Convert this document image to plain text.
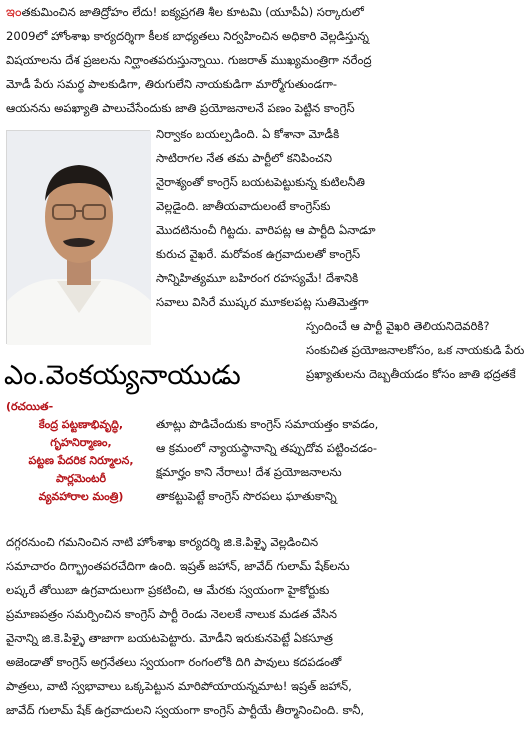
ఇంతకుమించిన జాతిద్రోహం లేదు! ఐక్యప్రగతి శీల కూటమి (యూపీఏ) సర్కారులో
2009లో హోంశాఖ కార్యదర్శిగా కీలక బాధ్యతలు నిర్వహించిన అధికారి వెల్లడిస్తున్న
విషయాలను దేశ ప్రజలను నిర్ఘాంతపరుస్తున్నాయి. గుజరాత్ ముఖ్యమంత్రిగా నరేంద్ర
మోడీ పేరు సమర్థ పాలకుడిగా, తిరుగులేని నాయకుడిగా మార్మోగుతుండగా-
ఆయనను అపఖ్యాతి పాలుచేసేందుకు జాతి ప్రయోజనాలనే పణం పెట్టిన కాంగ్రెస్
నిర్వాకం బయల్పడింది. ఏ కోశానా మోడీకి
సాటిరాగల నేత తమ పార్టీలో కనిపించని
నైరాశ్యంతో కాంగ్రెస్ బయటపెట్టుకున్న కుటిలనీతి
వెల్లడైంది. జాతీయవాదులంటే కాంగ్రెస్‌కు
మొదటినుంచీ గిట్టదు. వారిపట్ల ఆ పార్టీది ఏనాడూ
కురుచ వైఖరే. మరోవంక ఉగ్రవాదులతో కాంగ్రెస్
సాన్నిహిత్యమూ బహిరంగ రహస్యమే! దేశానికి
సవాలు విసిరే ముష్కర మూకలపట్ల సుతిమెత్తగా
స్పందించే ఆ పార్టీ వైఖరి తెలియనిదెవరికి?
సంకుచిత ప్రయోజనాలకోసం, ఒక నాయకుడి పేరు
ప్రఖ్యాతులను దెబ్బతీయడం కోసం జాతి భద్రతకే
తూట్లు పొడిచేందుకు కాంగ్రెస్ సమాయత్తం కావడం,
ఆ క్రమంలో న్యాయస్థానాన్ని తప్పుదోవ పట్టించడం-
క్షమార్హం కాని నేరాలు! దేశ ప్రయోజనాలను
తాకట్టుపెట్టే కాంగ్రెస్ సొరపలు ఘాతుకాన్ని
ఎం.వెంకయ్యనాయుడు
(రచయిత-
కేంద్ర పట్టణాభివృద్ధి,
గృహనిర్మాణం,
పట్టణ పేదరిక నిర్మూలన,
పార్లమెంటరీ
వ్యవహారాల మంత్రి)
దగ్గరనుంచి గమనించిన నాటి హోంశాఖ కార్యదర్శి జి.కె.పిళ్ళై వెల్లడించిన
సమాచారం దిగ్భ్రాంతపరచేదిగా ఉంది. ఇష్రత్ జహాన్, జావేద్ గులామ్ షేక్‌లను
లష్కరే తోయిబా ఉగ్రవాదులుగా ప్రకటించి, ఆ మేరకు స్వయంగా హైకోర్టుకు
ప్రమాణపత్రం సమర్పించిన కాంగ్రెస్ పార్టీ రెండు నెలలకే నాలుక మడత వేసిన
వైనాన్ని జి.కె.పిళ్ళై తాజాగా బయటపెట్టారు. మోడీని ఇరుకునపెట్టే ఏకసూత్ర
అజెండాతో కాంగ్రెస్ అగ్రనేతలు స్వయంగా రంగంలోకి దిగి పావులు కదపడంతో
పాత్రలు, వాటి స్వభావాలు ఒక్కపెట్టున మారిపోయాయన్నమాట! ఇష్రత్ జహాన్,
జావేద్ గులామ్ షేక్ ఉగ్రవాదులని స్వయంగా కాంగ్రెస్ పార్టీయే తీర్మానించింది. కానీ,
